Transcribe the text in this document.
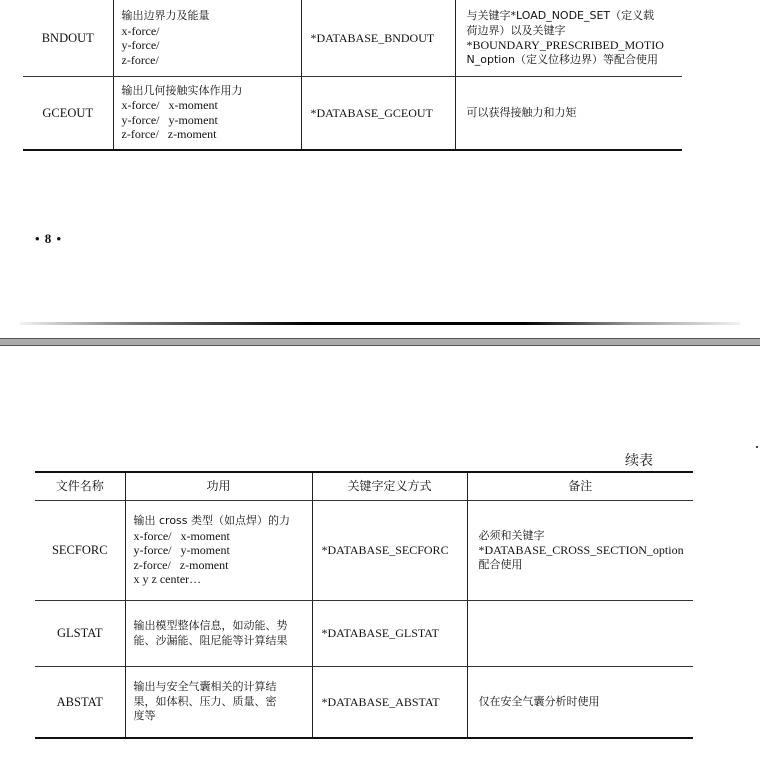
BNDOUT	输出边界力及能量
x-force/
y-force/
z-force/	*DATABASE_BNDOUT	与关键字*LOAD_NODE_SET（定义载
荷边界）以及关键字
*BOUNDARY_PRESCRIBED_MOTIO
N_option（定义位移边界）等配合使用

GCEOUT	输出几何接触实体作用力
x-force/   x-moment
y-force/   y-moment
z-force/   z-moment	*DATABASE_GCEOUT	可以获得接触力和力矩
• 8 •
续表
文件名称	功用	关键字定义方式	备注
SECFORC	输出 cross 类型（如点焊）的力
x-force/   x-moment
y-force/   y-moment
z-force/   z-moment
x y z center…	*DATABASE_SECFORC	必须和关键字
*DATABASE_CROSS_SECTION_option
配合使用

GLSTAT	输出模型整体信息，如动能、势
能、沙漏能、阻尼能等计算结果	*DATABASE_GLSTAT	
ABSTAT	输出与安全气囊相关的计算结
果，如体积、压力、质量、密
度等	*DATABASE_ABSTAT	仅在安全气囊分析时使用
